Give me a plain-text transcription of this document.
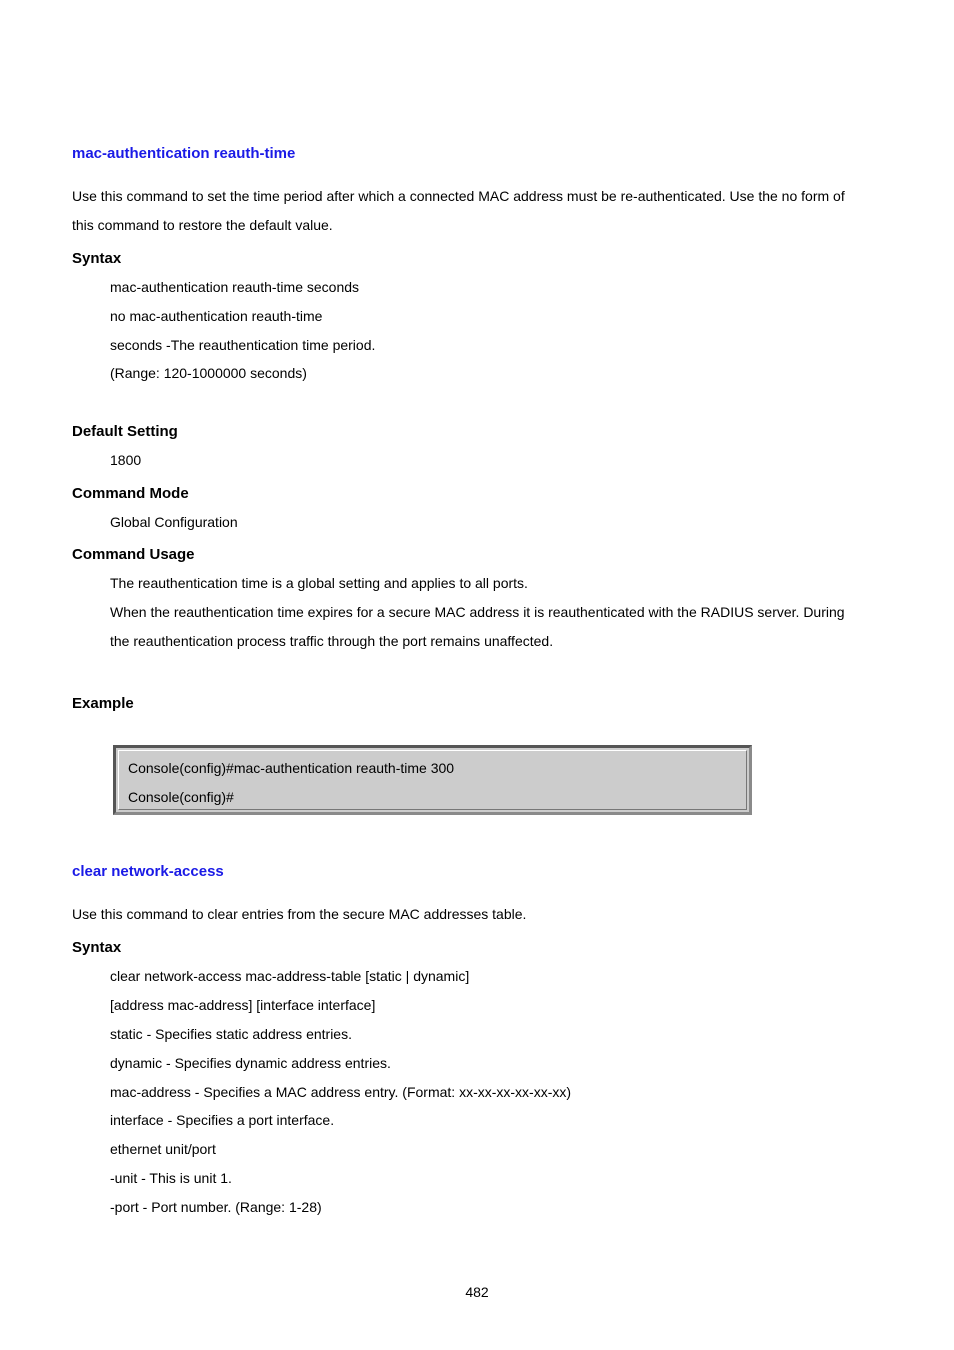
mac-authentication reauth-time
Use this command to set the time period after which a connected MAC address must be re-authenticated. Use the no form of
this command to restore the default value.
Syntax
mac-authentication reauth-time seconds
no mac-authentication reauth-time
seconds -The reauthentication time period.
(Range: 120-1000000 seconds)
Default Setting
1800
Command Mode
Global Configuration
Command Usage
The reauthentication time is a global setting and applies to all ports.
When the reauthentication time expires for a secure MAC address it is reauthenticated with the RADIUS server. During
the reauthentication process traffic through the port remains unaffected.
Example
Console(config)#mac-authentication reauth-time 300
Console(config)#
clear network-access
Use this command to clear entries from the secure MAC addresses table.
Syntax
clear network-access mac-address-table [static | dynamic]
[address mac-address] [interface interface]
static - Specifies static address entries.
dynamic - Specifies dynamic address entries.
mac-address - Specifies a MAC address entry. (Format: xx-xx-xx-xx-xx-xx)
interface - Specifies a port interface.
ethernet unit/port
-unit - This is unit 1.
-port - Port number. (Range: 1-28)
482
